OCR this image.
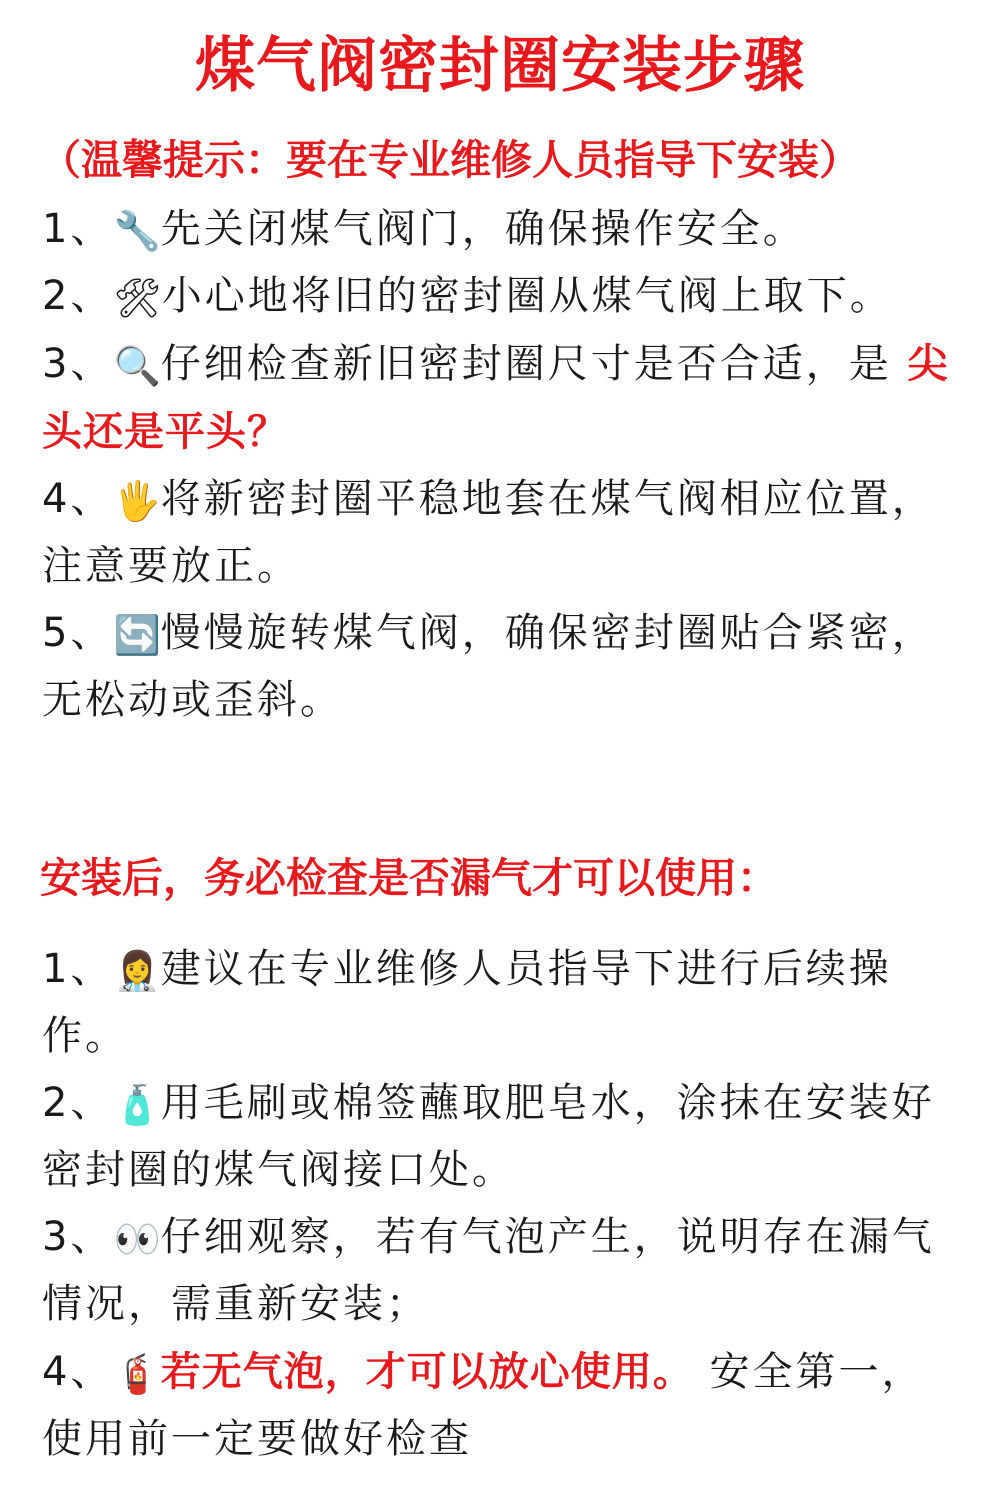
煤气阀密封圈安装步骤
（温馨提示：要在专业维修人员指导下安装）

1、🔧先关闭煤气阀门，确保操作安全。

2、🛠小心地将旧的密封圈从煤气阀上取下。

3、🔍仔细检查新旧密封圈尺寸是否合适，是 尖头还是平头？

4、🖐将新密封圈平稳地套在煤气阀相应位置，注意要放正。

5、🔄慢慢旋转煤气阀，确保密封圈贴合紧密，无松动或歪斜。

安装后，务必检查是否漏气才可以使用：

1、👩‍⚕️建议在专业维修人员指导下进行后续操作。

2、🧴用毛刷或棉签蘸取肥皂水，涂抹在安装好密封圈的煤气阀接口处。

3、👀仔细观察，若有气泡产生，说明存在漏气情况，需重新安装；

4、🧯若无气泡，才可以放心使用。 安全第一，使用前一定要做好检查
